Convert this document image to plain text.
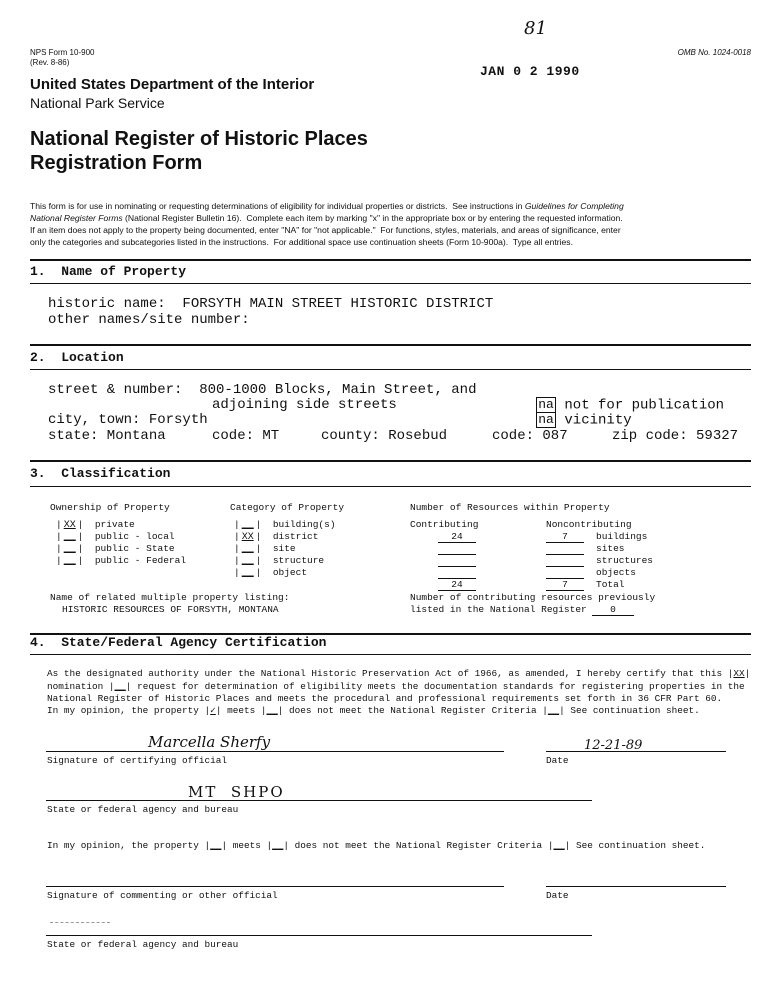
NPS Form 10-900
(Rev. 8-86)
OMB No. 1024-0018
81
JAN 0 2 1990
United States Department of the Interior
National Park Service
National Register of Historic Places
Registration Form
This form is for use in nominating or requesting determinations of eligibility for individual properties or districts.  See instructions in Guidelines for Completing
National Register Forms (National Register Bulletin 16).  Complete each item by marking "x" in the appropriate box or by entering the requested information.
If an item does not apply to the property being documented, enter "NA" for "not applicable."  For functions, styles, materials, and areas of significance, enter
only the categories and subcategories listed in the instructions.  For additional space use continuation sheets (Form 10-900a).  Type all entries.
1.  Name of Property
historic name:  FORSYTH MAIN STREET HISTORIC DISTRICT
other names/site number:
2.  Location
street & number:  800-1000 Blocks, Main Street, and
adjoining side streets	na not for publication
city, town: Forsyth	na vicinity
state: Montana	code: MT	county: Rosebud	code: 087	zip code: 59327
3.  Classification
Ownership of Property
| XX |  private
| __ |  public - local
| __ |  public - State
| __ |  public - Federal
Category of Property
| __ |  building(s)
| XX |  district
| __ |  site
| __ |  structure
| __ |  object
Number of Resources within Property
Contributing	Noncontributing
24	7	buildings
sites
structures
objects
24	7	Total
Name of related multiple property listing:
HISTORIC RESOURCES OF FORSYTH, MONTANA
Number of contributing resources previously
listed in the National Register	0
4.  State/Federal Agency Certification
As the designated authority under the National Historic Preservation Act of 1966, as amended, I hereby certify that this |XX|
nomination |__| request for determination of eligibility meets the documentation standards for registering properties in the
National Register of Historic Places and meets the procedural and professional requirements set forth in 36 CFR Part 60.
In my opinion, the property |✓| meets |__| does not meet the National Register Criteria |__| See continuation sheet.
Marcella Sherfy	12-21-89
Signature of certifying official	Date
MT  SHPO
State or federal agency and bureau
In my opinion, the property |__| meets |__| does not meet the National Register Criteria |__| See continuation sheet.
Signature of commenting or other official	Date
State or federal agency and bureau
